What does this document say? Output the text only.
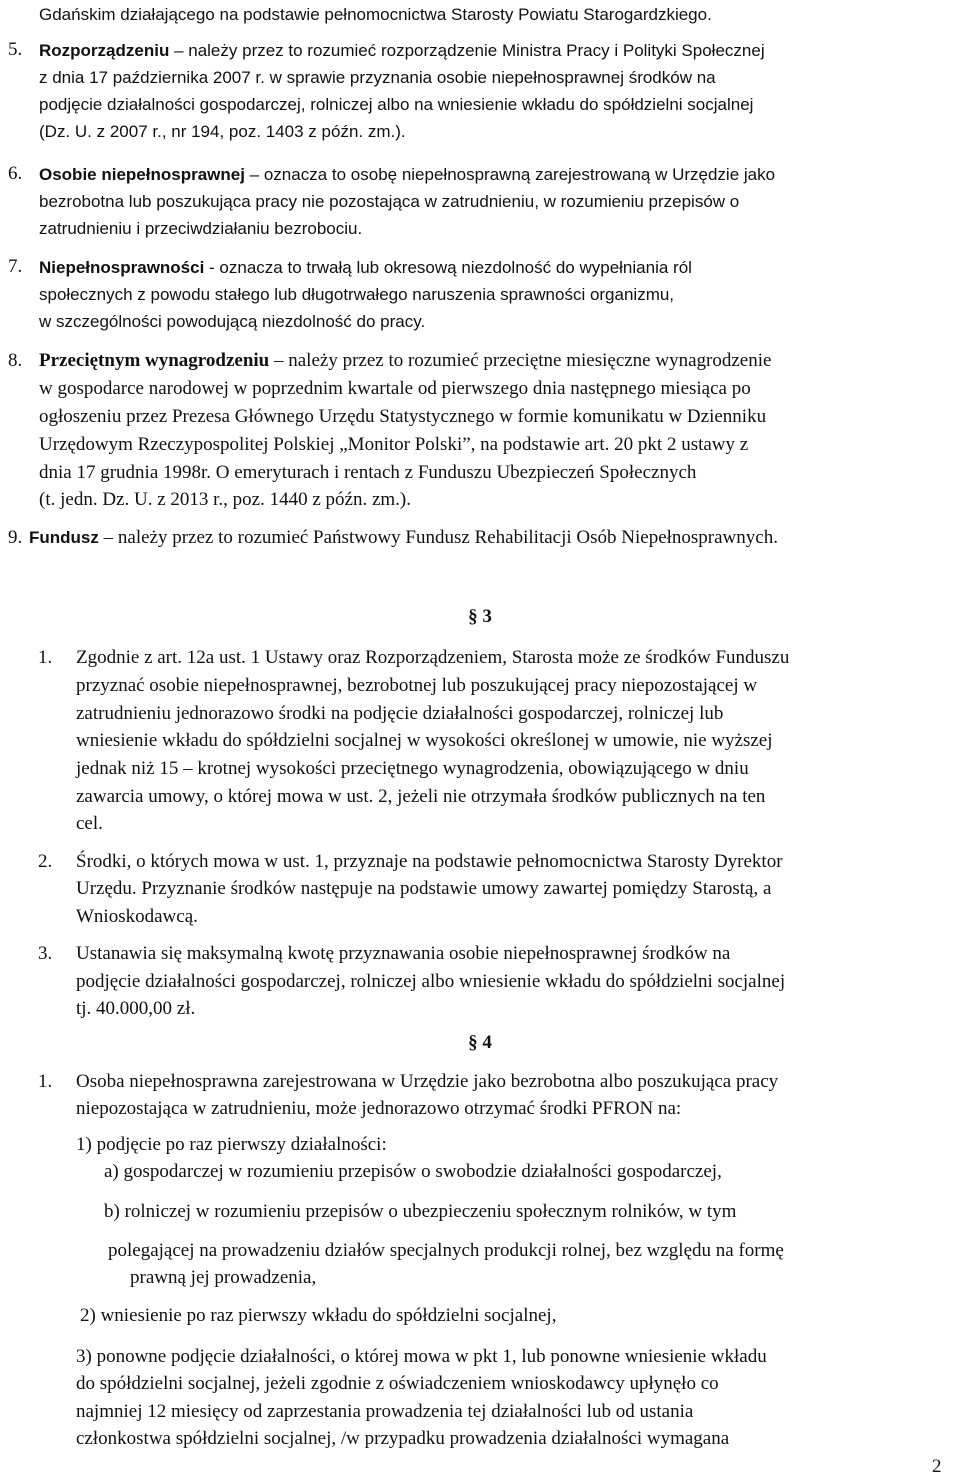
Gdańskim działającego na podstawie pełnomocnictwa Starosty Powiatu Starogardzkiego.
5. Rozporządzeniu – należy przez to rozumieć rozporządzenie Ministra Pracy i Polityki Społecznej
z dnia 17 października 2007 r. w sprawie przyznania osobie niepełnosprawnej środków na
podjęcie działalności gospodarczej, rolniczej albo na wniesienie wkładu do spółdzielni socjalnej
(Dz. U. z 2007 r., nr 194, poz. 1403 z późn. zm.).
6. Osobie niepełnosprawnej – oznacza to osobę niepełnosprawną zarejestrowaną w Urzędzie jako
bezrobotna lub poszukująca pracy nie pozostająca w zatrudnieniu, w rozumieniu przepisów o
zatrudnieniu i przeciwdziałaniu bezrobociu.
7. Niepełnosprawności - oznacza to trwałą lub okresową niezdolność do wypełniania ról
społecznych z powodu stałego lub długotrwałego naruszenia sprawności organizmu,
w szczególności powodującą niezdolność do pracy.
8. Przeciętnym wynagrodzeniu – należy przez to rozumieć przeciętne miesięczne wynagrodzenie
w gospodarce narodowej w poprzednim kwartale od pierwszego dnia następnego miesiąca po
ogłoszeniu przez Prezesa Głównego Urzędu Statystycznego w formie komunikatu w Dzienniku
Urzędowym Rzeczypospolitej Polskiej „Monitor Polski”, na podstawie art. 20 pkt 2 ustawy z
dnia 17 grudnia 1998r. O emeryturach i rentach z Funduszu Ubezpieczeń Społecznych
(t. jedn. Dz. U. z 2013 r., poz. 1440 z późn. zm.).
9. Fundusz – należy przez to rozumieć Państwowy Fundusz Rehabilitacji Osób Niepełnosprawnych.
§ 3
1. Zgodnie z art. 12a ust. 1 Ustawy oraz Rozporządzeniem, Starosta może ze środków Funduszu
przyznać osobie niepełnosprawnej, bezrobotnej lub poszukującej pracy niepozostającej w
zatrudnieniu jednorazowo środki na podjęcie działalności gospodarczej, rolniczej lub
wniesienie wkładu do spółdzielni socjalnej w wysokości określonej w umowie, nie wyższej
jednak niż 15 – krotnej wysokości przeciętnego wynagrodzenia, obowiązującego w dniu
zawarcia umowy, o której mowa w ust. 2, jeżeli nie otrzymała środków publicznych na ten
cel.
2. Środki, o których mowa w ust. 1, przyznaje na podstawie pełnomocnictwa Starosty Dyrektor
Urzędu. Przyznanie środków następuje na podstawie umowy zawartej pomiędzy Starostą, a
Wnioskodawcą.
3. Ustanawia się maksymalną kwotę przyznawania osobie niepełnosprawnej środków na
podjęcie działalności gospodarczej, rolniczej albo wniesienie wkładu do spółdzielni socjalnej
tj. 40.000,00 zł.
§ 4
1. Osoba niepełnosprawna zarejestrowana w Urzędzie jako bezrobotna albo poszukująca pracy
niepozostająca w zatrudnieniu, może jednorazowo otrzymać środki PFRON na:
1) podjęcie po raz pierwszy działalności:
a) gospodarczej w rozumieniu przepisów o swobodzie działalności gospodarczej,
b) rolniczej w rozumieniu przepisów o ubezpieczeniu społecznym rolników, w tym
polegającej na prowadzeniu działów specjalnych produkcji rolnej, bez względu na formę
prawną jej prowadzenia,
2) wniesienie po raz pierwszy wkładu do spółdzielni socjalnej,
3) ponowne podjęcie działalności, o której mowa w pkt 1, lub ponowne wniesienie wkładu
do spółdzielni socjalnej, jeżeli zgodnie z oświadczeniem wnioskodawcy upłynęło co
najmniej 12 miesięcy od zaprzestania prowadzenia tej działalności lub od ustania
członkostwa spółdzielni socjalnej, /w przypadku prowadzenia działalności wymagana
2
